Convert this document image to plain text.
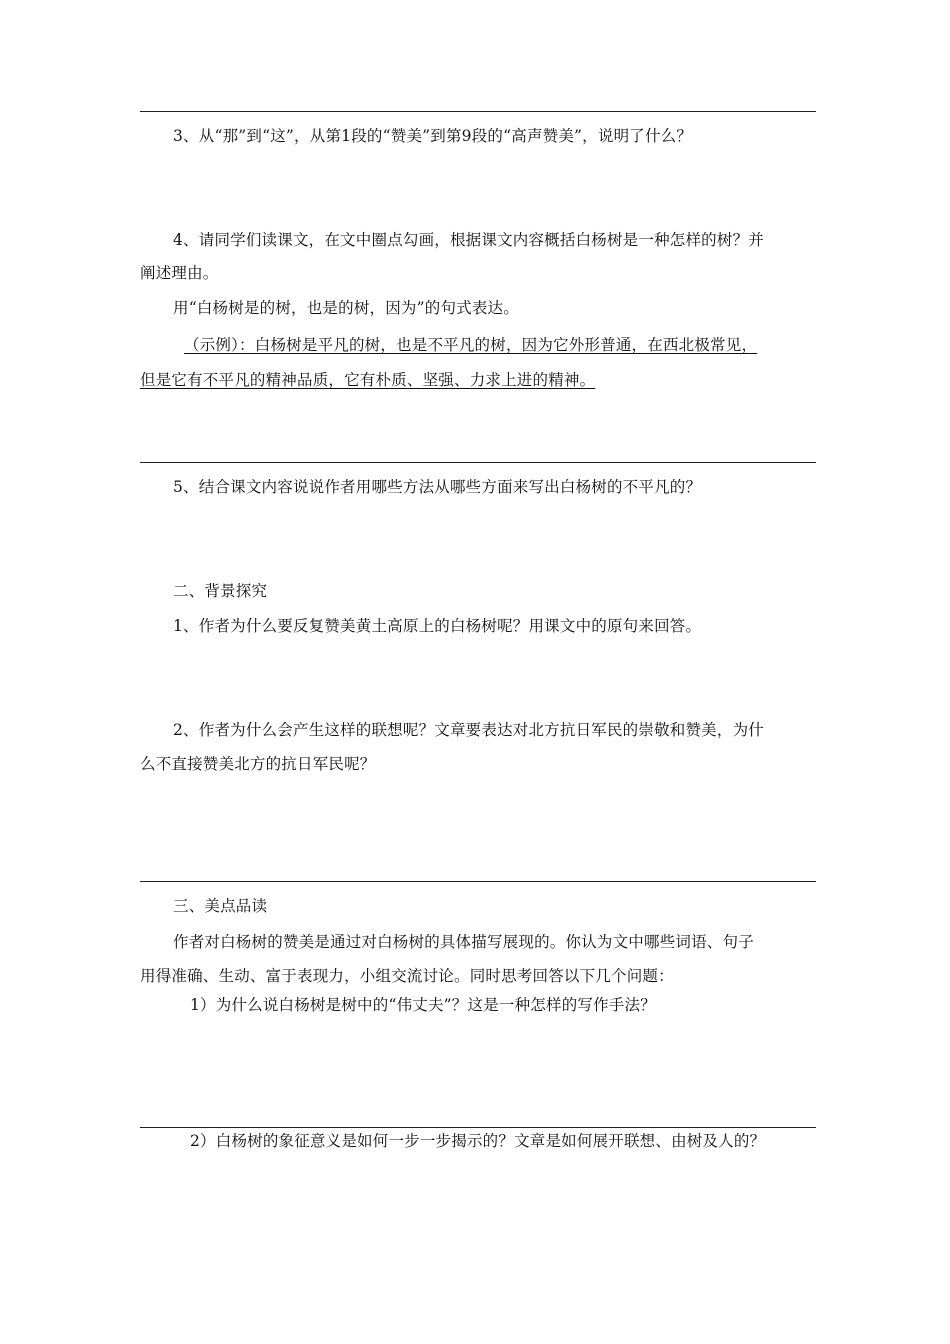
3、从“那”到“这”，从第1段的“赞美”到第9段的“高声赞美”，说明了什么？
4、请同学们读课文，在文中圈点勾画，根据课文内容概括白杨树是一种怎样的树？并
阐述理由。
用“白杨树是的树，也是的树，因为”的句式表达。
（示例）：白杨树是平凡的树，也是不平凡的树，因为它外形普通，在西北极常见，
但是它有不平凡的精神品质，它有朴质、坚强、力求上进的精神。
5、结合课文内容说说作者用哪些方法从哪些方面来写出白杨树的不平凡的？
二、背景探究
1、作者为什么要反复赞美黄土高原上的白杨树呢？用课文中的原句来回答。
2、作者为什么会产生这样的联想呢？文章要表达对北方抗日军民的崇敬和赞美，为什
么不直接赞美北方的抗日军民呢？
三、美点品读
作者对白杨树的赞美是通过对白杨树的具体描写展现的。你认为文中哪些词语、句子
用得准确、生动、富于表现力，小组交流讨论。同时思考回答以下几个问题：
1）为什么说白杨树是树中的“伟丈夫”？这是一种怎样的写作手法？
2）白杨树的象征意义是如何一步一步揭示的？文章是如何展开联想、由树及人的？
